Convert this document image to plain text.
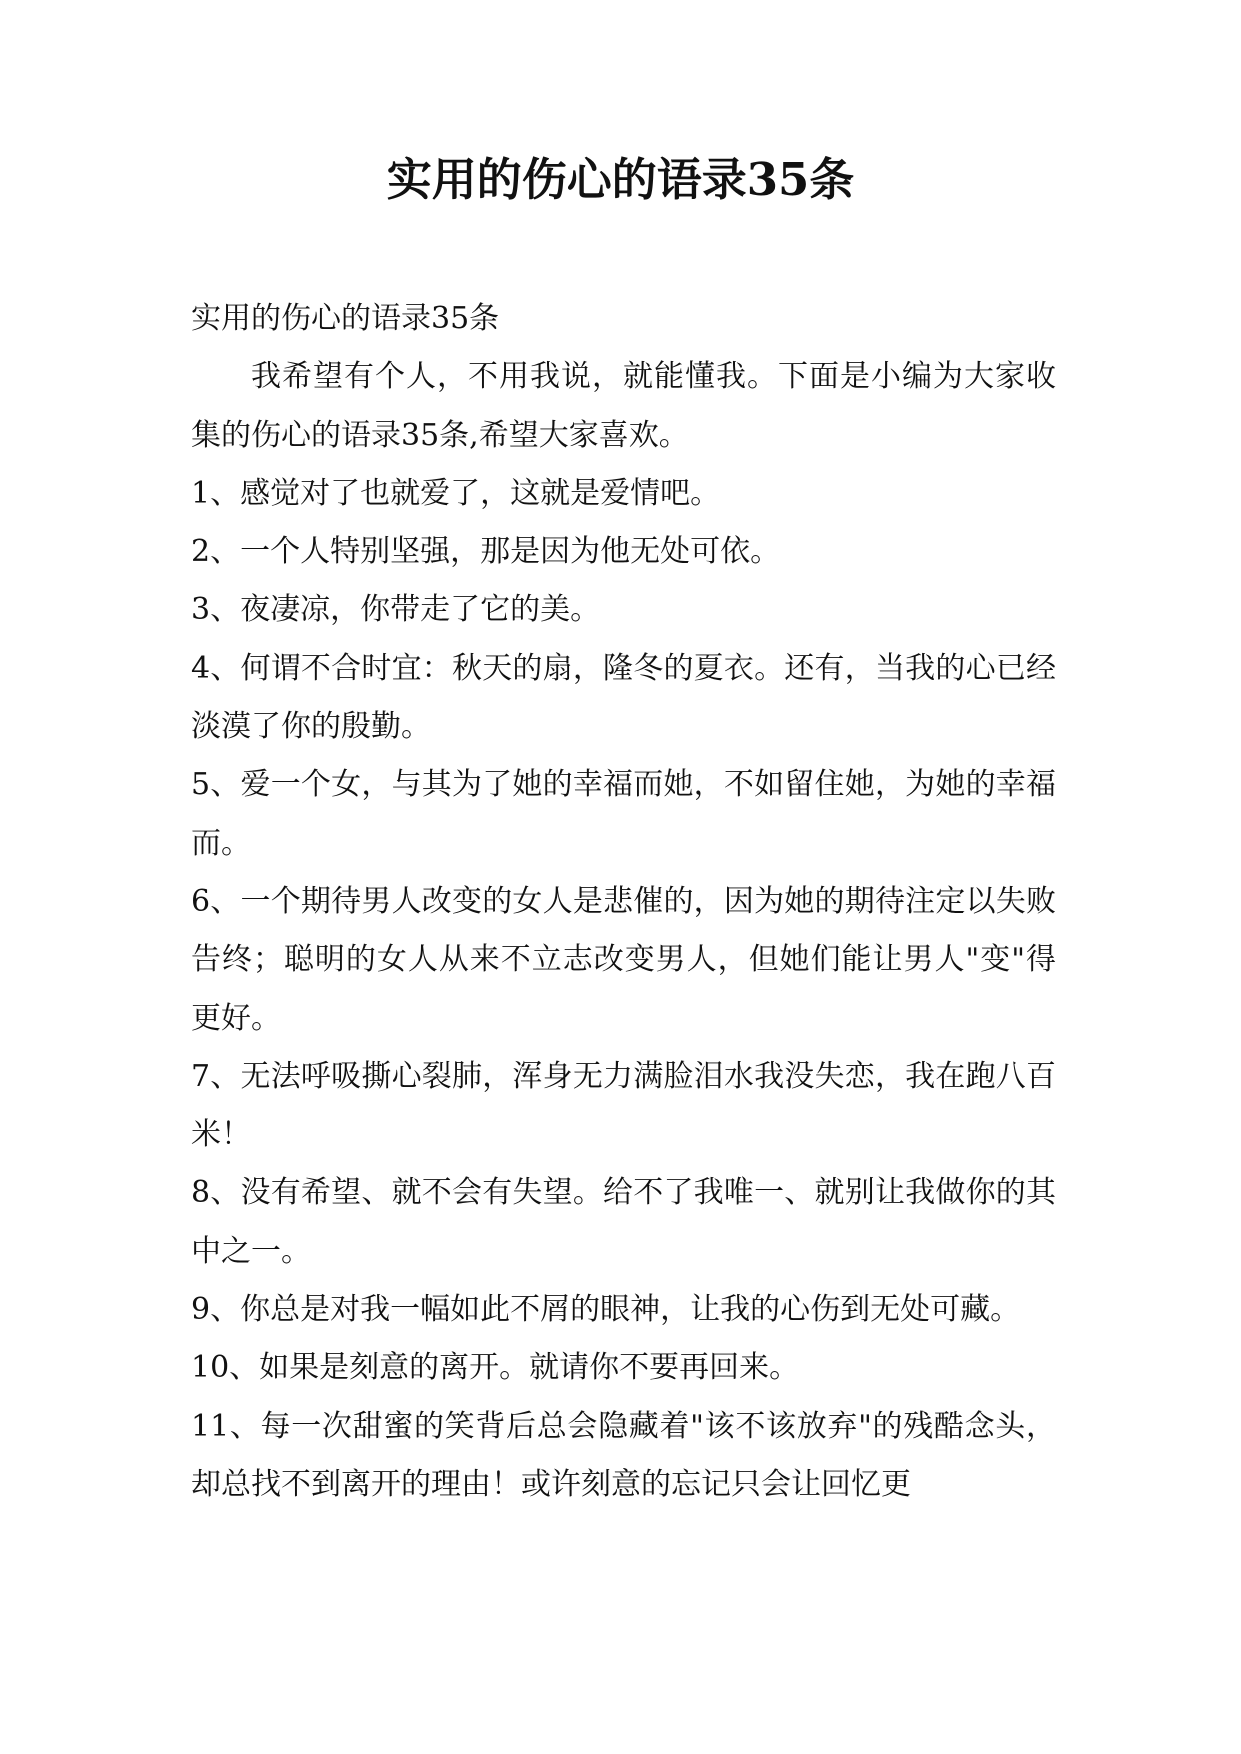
实用的伤心的语录35条

实用的伤心的语录35条

我希望有个人，不用我说，就能懂我。下面是小编为大家收集的伤心的语录35条,希望大家喜欢。

1、感觉对了也就爱了，这就是爱情吧。

2、一个人特别坚强，那是因为他无处可依。

3、夜凄凉，你带走了它的美。

4、何谓不合时宜：秋天的扇，隆冬的夏衣。还有，当我的心已经淡漠了你的殷勤。

5、爱一个女，与其为了她的幸福而她，不如留住她，为她的幸福而。

6、一个期待男人改变的女人是悲催的，因为她的期待注定以失败告终；聪明的女人从来不立志改变男人，但她们能让男人"变"得更好。

7、无法呼吸撕心裂肺，浑身无力满脸泪水我没失恋，我在跑八百米！

8、没有希望、就不会有失望。给不了我唯一、就别让我做你的其中之一。

9、你总是对我一幅如此不屑的眼神，让我的心伤到无处可藏。

10、如果是刻意的离开。就请你不要再回来。

11、每一次甜蜜的笑背后总会隐藏着"该不该放弃"的残酷念头，却总找不到离开的理由！或许刻意的忘记只会让回忆更
